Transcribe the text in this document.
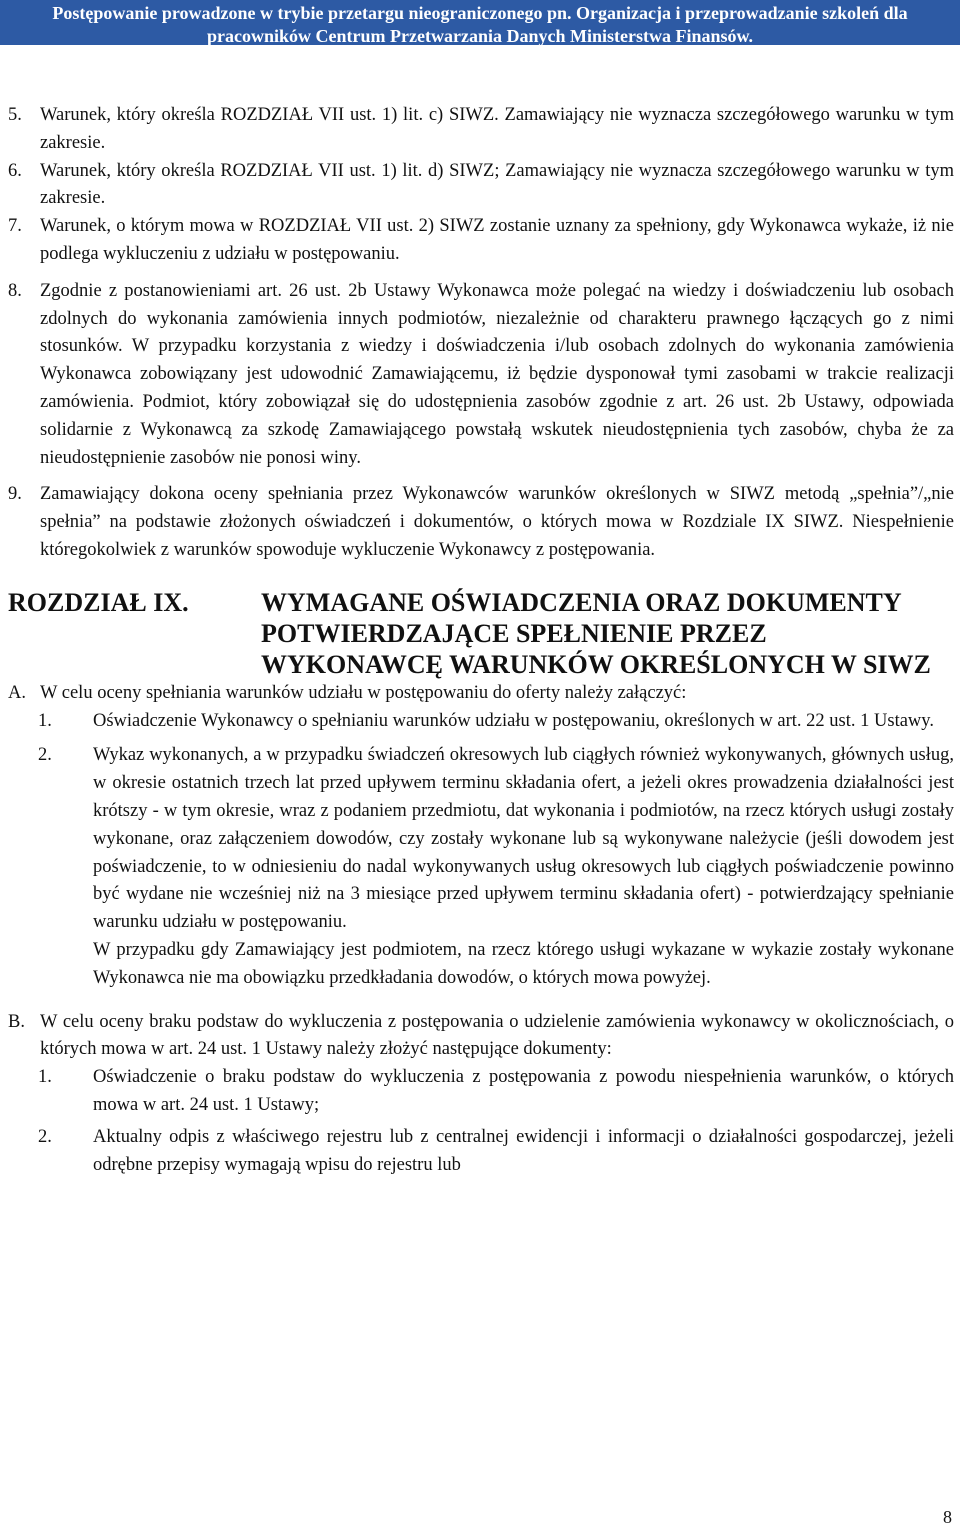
Postępowanie prowadzone w trybie przetargu nieograniczonego pn. Organizacja i przeprowadzanie szkoleń dla
pracowników Centrum Przetwarzania Danych Ministerstwa Finansów.
5. Warunek, który określa ROZDZIAŁ VII ust. 1) lit. c) SIWZ. Zamawiający nie wyznacza szczegółowego warunku w tym zakresie.
6. Warunek, który określa ROZDZIAŁ VII ust. 1) lit. d) SIWZ; Zamawiający nie wyznacza szczegółowego warunku w tym zakresie.
7. Warunek, o którym mowa w ROZDZIAŁ VII ust. 2) SIWZ zostanie uznany za spełniony, gdy Wykonawca wykaże, iż nie podlega wykluczeniu z udziału w postępowaniu.
8. Zgodnie z postanowieniami art. 26 ust. 2b Ustawy Wykonawca może polegać na wiedzy i doświadczeniu lub osobach zdolnych do wykonania zamówienia innych podmiotów, niezależnie od charakteru prawnego łączących go z nimi stosunków. W przypadku korzystania z wiedzy i doświadczenia i/lub osobach zdolnych do wykonania zamówienia Wykonawca zobowiązany jest udowodnić Zamawiającemu, iż będzie dysponował tymi zasobami w trakcie realizacji zamówienia. Podmiot, który zobowiązał się do udostępnienia zasobów zgodnie z art. 26 ust. 2b Ustawy, odpowiada solidarnie z Wykonawcą za szkodę Zamawiającego powstałą wskutek nieudostępnienia tych zasobów, chyba że za nieudostępnienie zasobów nie ponosi winy.
9. Zamawiający dokona oceny spełniania przez Wykonawców warunków określonych w SIWZ metodą „spełnia”/„nie spełnia” na podstawie złożonych oświadczeń i dokumentów, o których mowa w Rozdziale IX SIWZ. Niespełnienie któregokolwiek z warunków spowoduje wykluczenie Wykonawcy z postępowania.
ROZDZIAŁ IX.	WYMAGANE OŚWIADCZENIA ORAZ DOKUMENTY POTWIERDZAJĄCE SPEŁNIENIE PRZEZ WYKONAWCĘ WARUNKÓW OKREŚLONYCH W SIWZ
A. W celu oceny spełniania warunków udziału w postępowaniu do oferty należy załączyć:
1.	Oświadczenie Wykonawcy o spełnianiu warunków udziału w postępowaniu, określonych w art. 22 ust. 1 Ustawy.
2.	Wykaz wykonanych, a w przypadku świadczeń okresowych lub ciągłych również wykonywanych, głównych usług, w okresie ostatnich trzech lat przed upływem terminu składania ofert, a jeżeli okres prowadzenia działalności jest krótszy - w tym okresie, wraz z podaniem przedmiotu, dat wykonania i podmiotów, na rzecz których usługi zostały wykonane, oraz załączeniem dowodów, czy zostały wykonane lub są wykonywane należycie (jeśli dowodem jest poświadczenie, to w odniesieniu do nadal wykonywanych usług okresowych lub ciągłych poświadczenie powinno być wydane nie wcześniej niż na 3 miesiące przed upływem terminu składania ofert) - potwierdzający spełnianie warunku udziału w postępowaniu.
W przypadku gdy Zamawiający jest podmiotem, na rzecz którego usługi wykazane w wykazie zostały wykonane Wykonawca nie ma obowiązku przedkładania dowodów, o których mowa powyżej.
B. W celu oceny braku podstaw do wykluczenia z postępowania o udzielenie zamówienia wykonawcy w okolicznościach, o których mowa w art. 24 ust. 1 Ustawy należy złożyć następujące dokumenty:
1.	Oświadczenie o braku podstaw do wykluczenia z postępowania z powodu niespełnienia warunków, o których mowa w art. 24 ust. 1 Ustawy;
2.	Aktualny odpis z właściwego rejestru lub z centralnej ewidencji i informacji o działalności gospodarczej, jeżeli odrębne przepisy wymagają wpisu do rejestru lub
8
